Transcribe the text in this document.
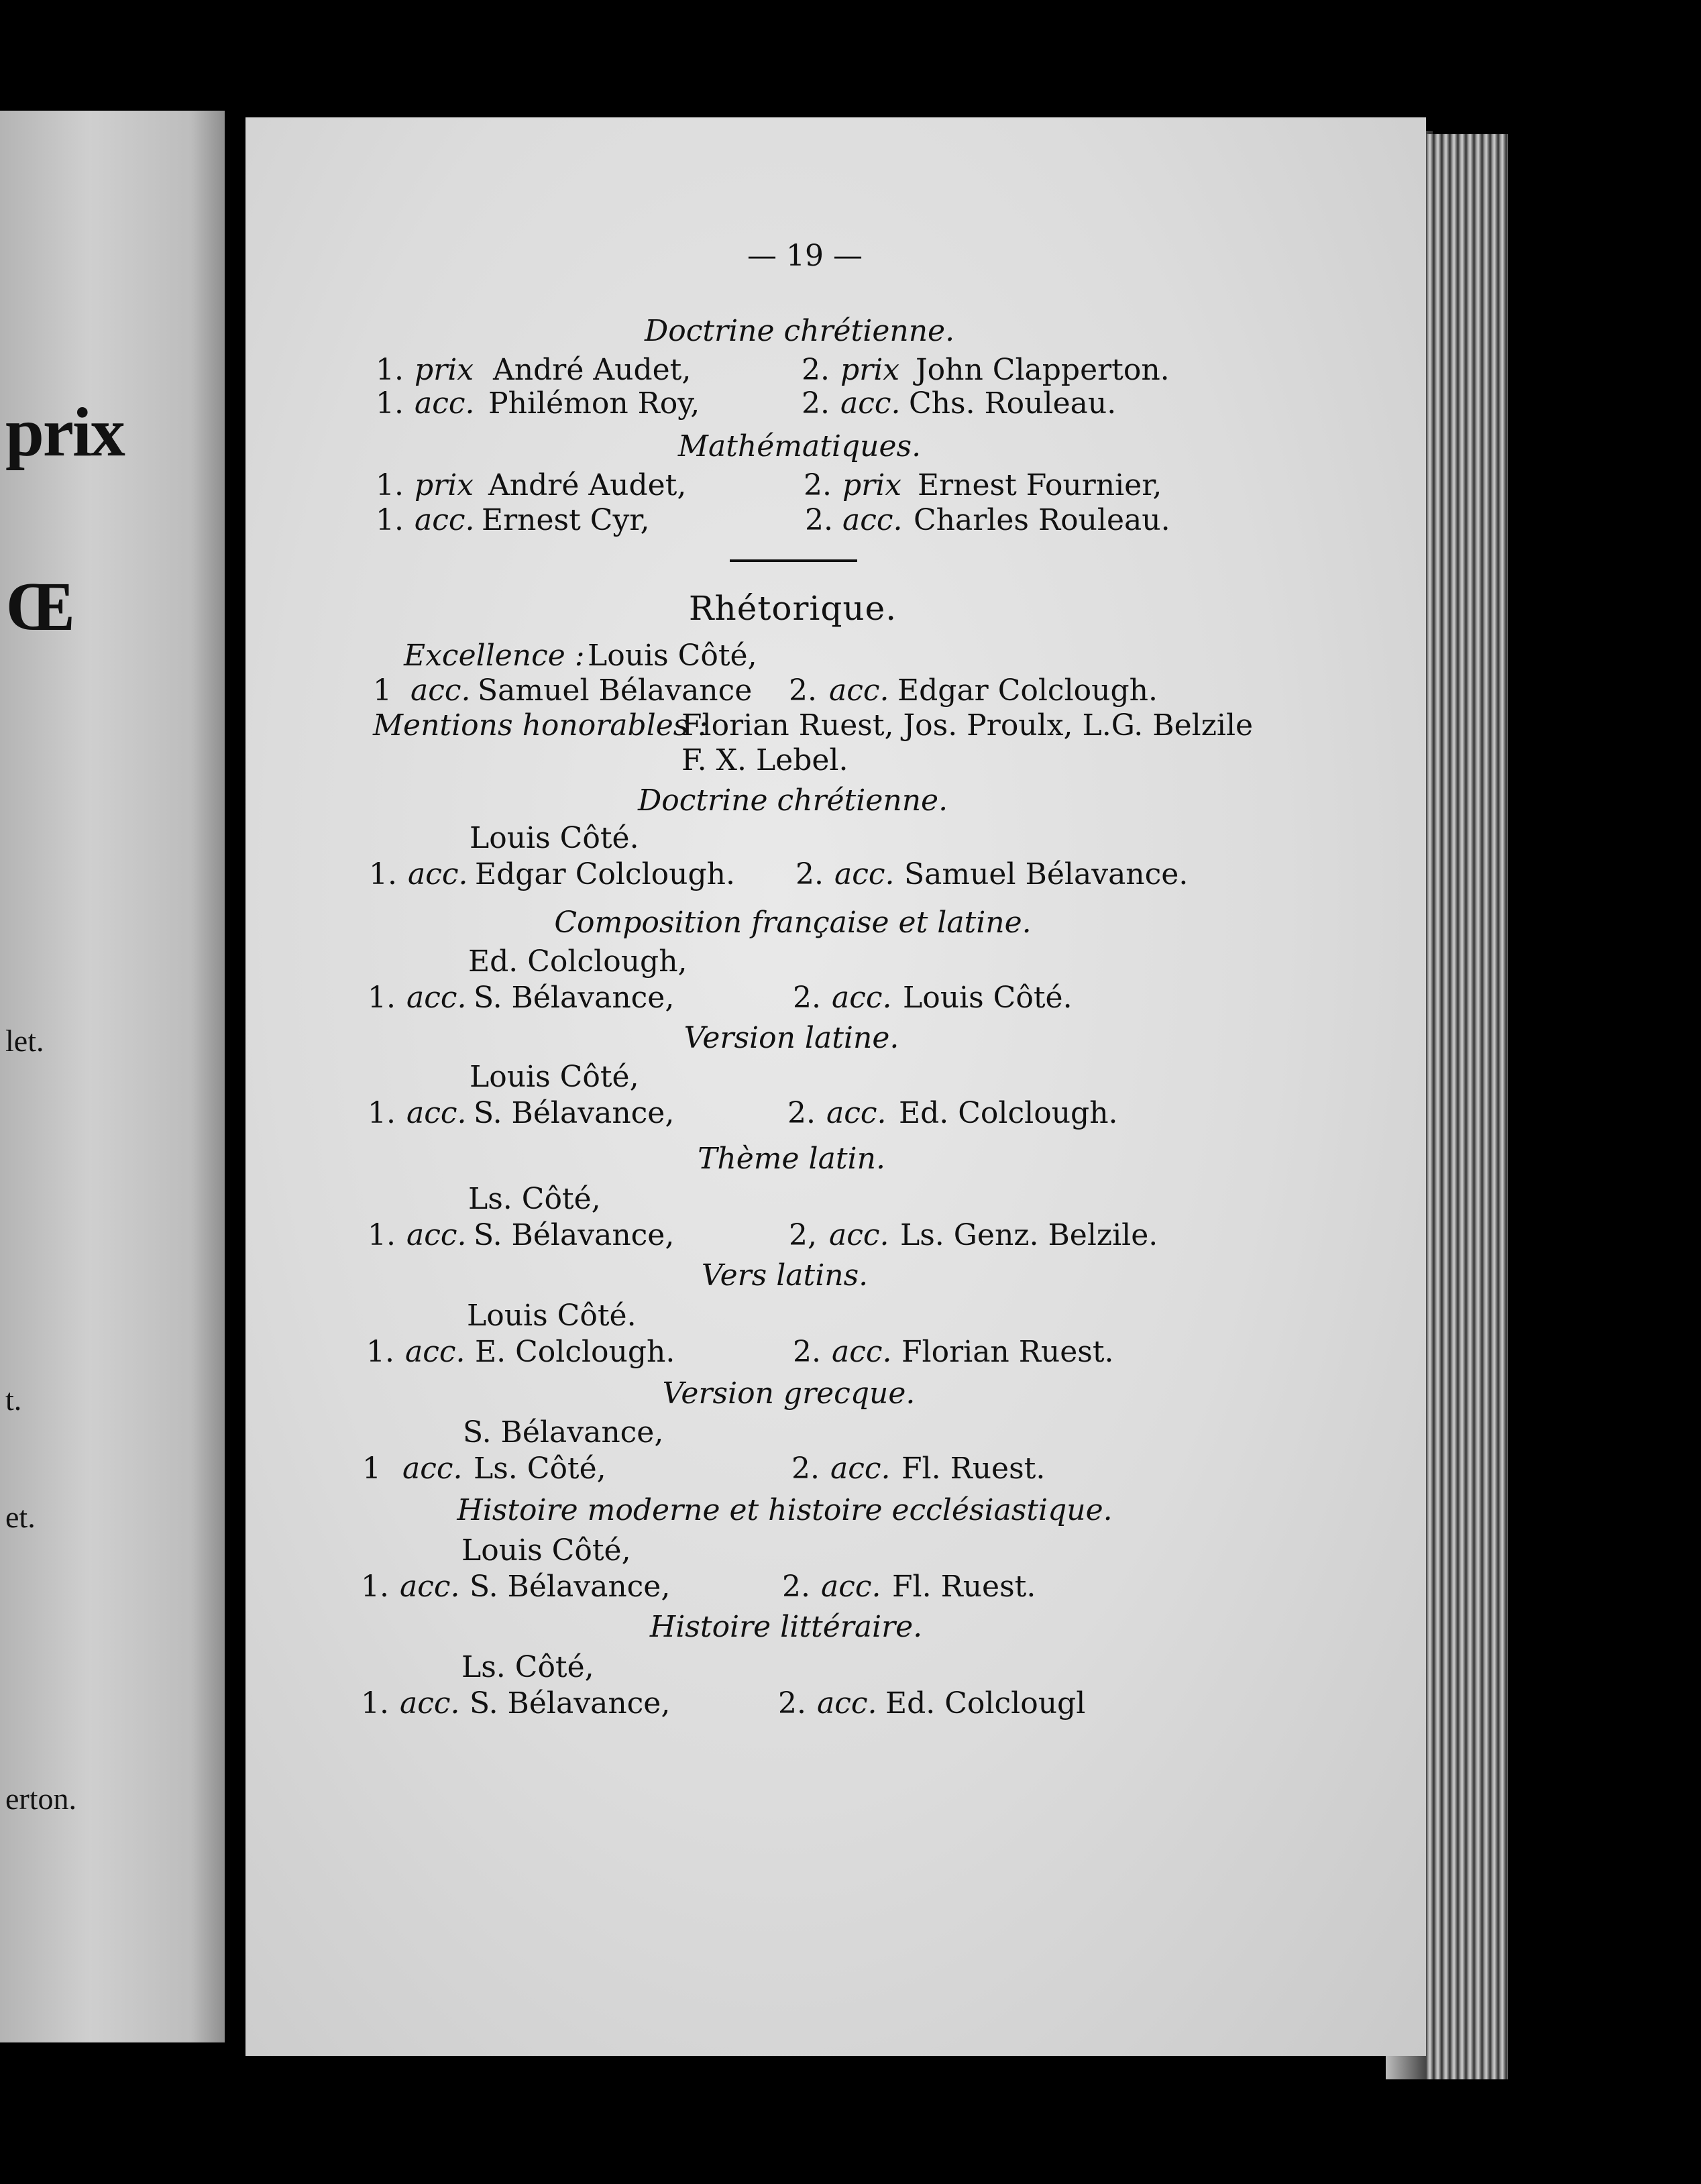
prix
Œ
let.
t.
et.
erton.
— 19 —
Doctrine chrétienne.
1. prix André Audet,	2. prix John Clapperton.
1. acc. Philémon Roy,	2. acc. Chs. Rouleau.
Mathématiques.
1. prix André Audet,	2. prix Ernest Fournier,
1. acc. Ernest Cyr,	2. acc. Charles Rouleau.
Rhétorique.
Excellence : Louis Côté,
1 acc. Samuel Bélavance 2. acc. Edgar Colclough.
Mentions honorables :
Florian Ruest, Jos. Proulx, L.G. Belzile
F. X. Lebel.
Doctrine chrétienne.
Louis Côté.
1. acc. Edgar Colclough. 2. acc. Samuel Bélavance.
Composition française et latine.
Ed. Colclough,
1. acc. S. Bélavance,	2. acc. Louis Côté.
Version latine.
Louis Côté,
1. acc. S. Bélavance,	2. acc. Ed. Colclough.
Thème latin.
Ls. Côté,
1. acc. S. Bélavance,	2, acc. Ls. Genz. Belzile.
Vers latins.
Louis Côté.
1. acc. E. Colclough.	2. acc. Florian Ruest.
Version grecque.
S. Bélavance,
1 acc. Ls. Côté,	2. acc. Fl. Ruest.
Histoire moderne et histoire ecclésiastique.
Louis Côté,
1. acc. S. Bélavance,	2. acc. Fl. Ruest.
Histoire littéraire.
Ls. Côté,
1. acc. S. Bélavance,	2. acc. Ed. Colclougl
